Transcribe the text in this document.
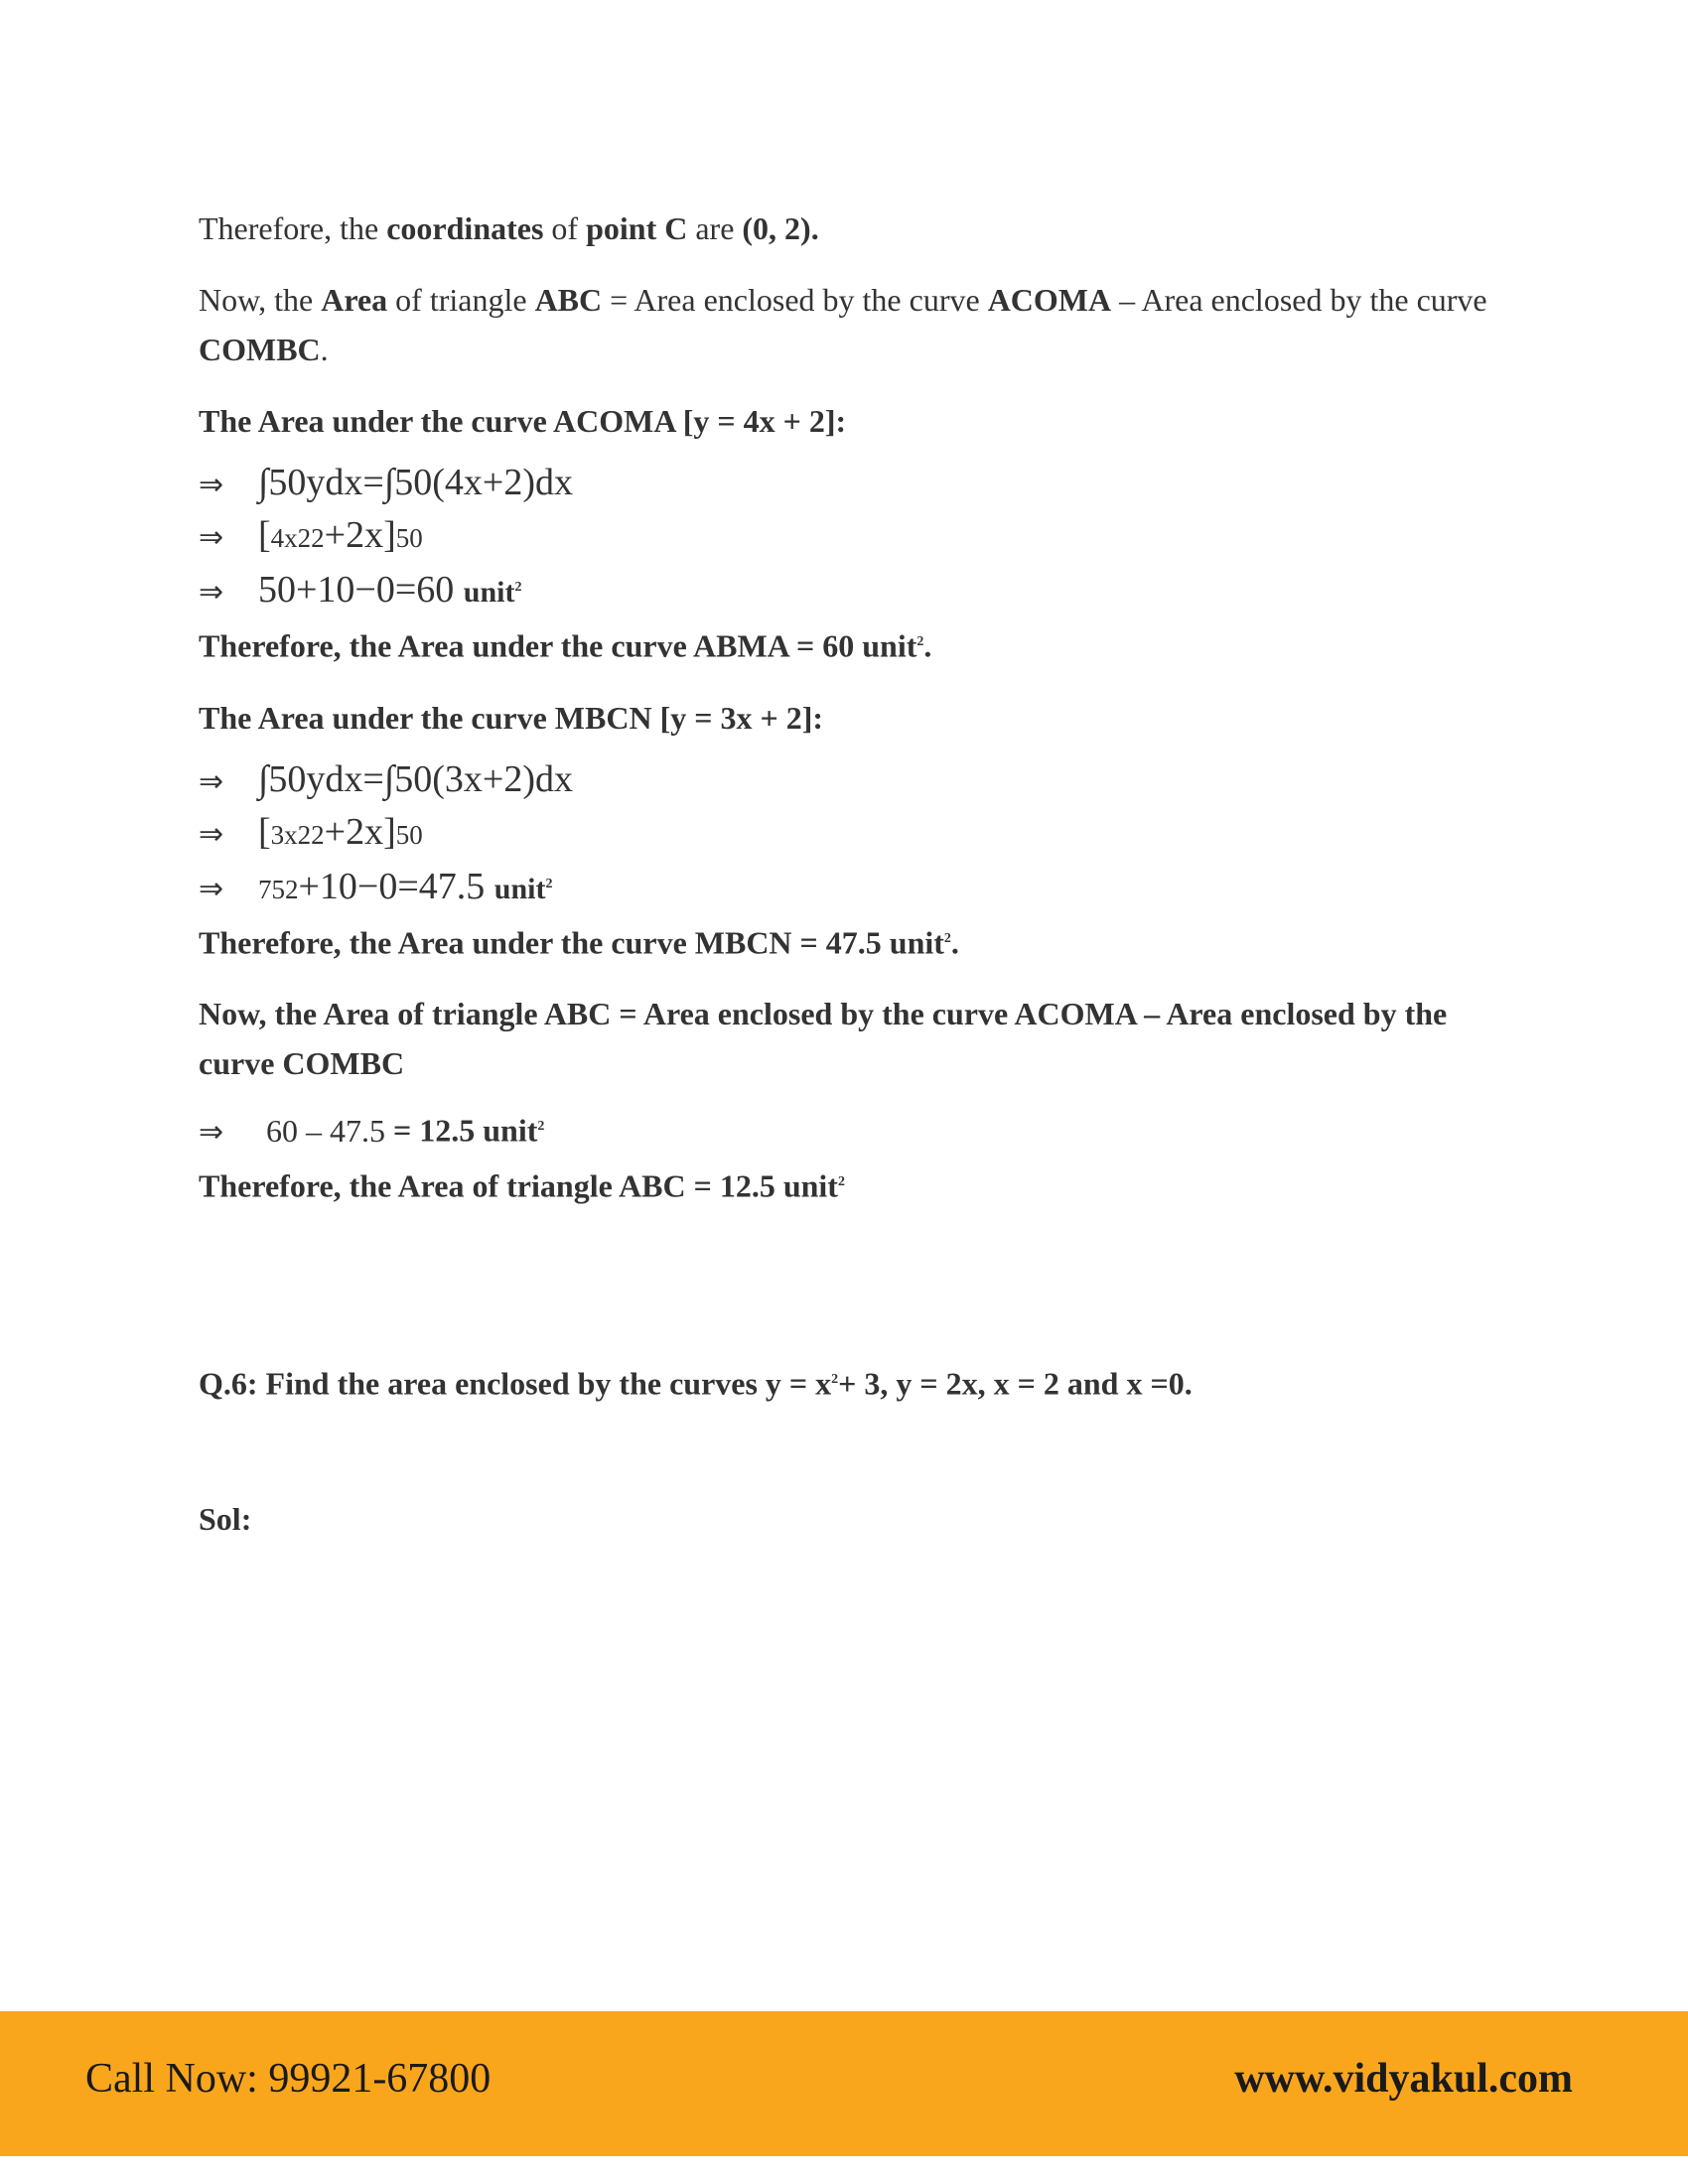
Therefore, the coordinates of point C are (0, 2).

Now, the Area of triangle ABC = Area enclosed by the curve ACOMA – Area enclosed by the curve COMBC.

The Area under the curve ACOMA [y = 4x + 2]:

⇒ ∫50ydx=∫50(4x+2)dx

⇒ [4x22+2x]50

⇒ 50+10−0=60 unit$^2$

Therefore, the Area under the curve ABMA = 60 unit$^2$.

The Area under the curve MBCN [y = 3x + 2]:

⇒ ∫50ydx=∫50(3x+2)dx

⇒ [3x22+2x]50

⇒ 752+10−0=47.5 unit$^2$

Therefore, the Area under the curve MBCN = 47.5 unit$^2$.

Now, the Area of triangle ABC = Area enclosed by the curve ACOMA – Area enclosed by the curve COMBC

⇒ 60 – 47.5 = 12.5 unit$^2$

Therefore, the Area of triangle ABC = 12.5 unit$^2$

Q.6: Find the area enclosed by the curves $y = x^2+ 3$, y = 2x, x = 2 and x =0.
Sol:
Call Now: 99921-67800	www.vidyakul.com
